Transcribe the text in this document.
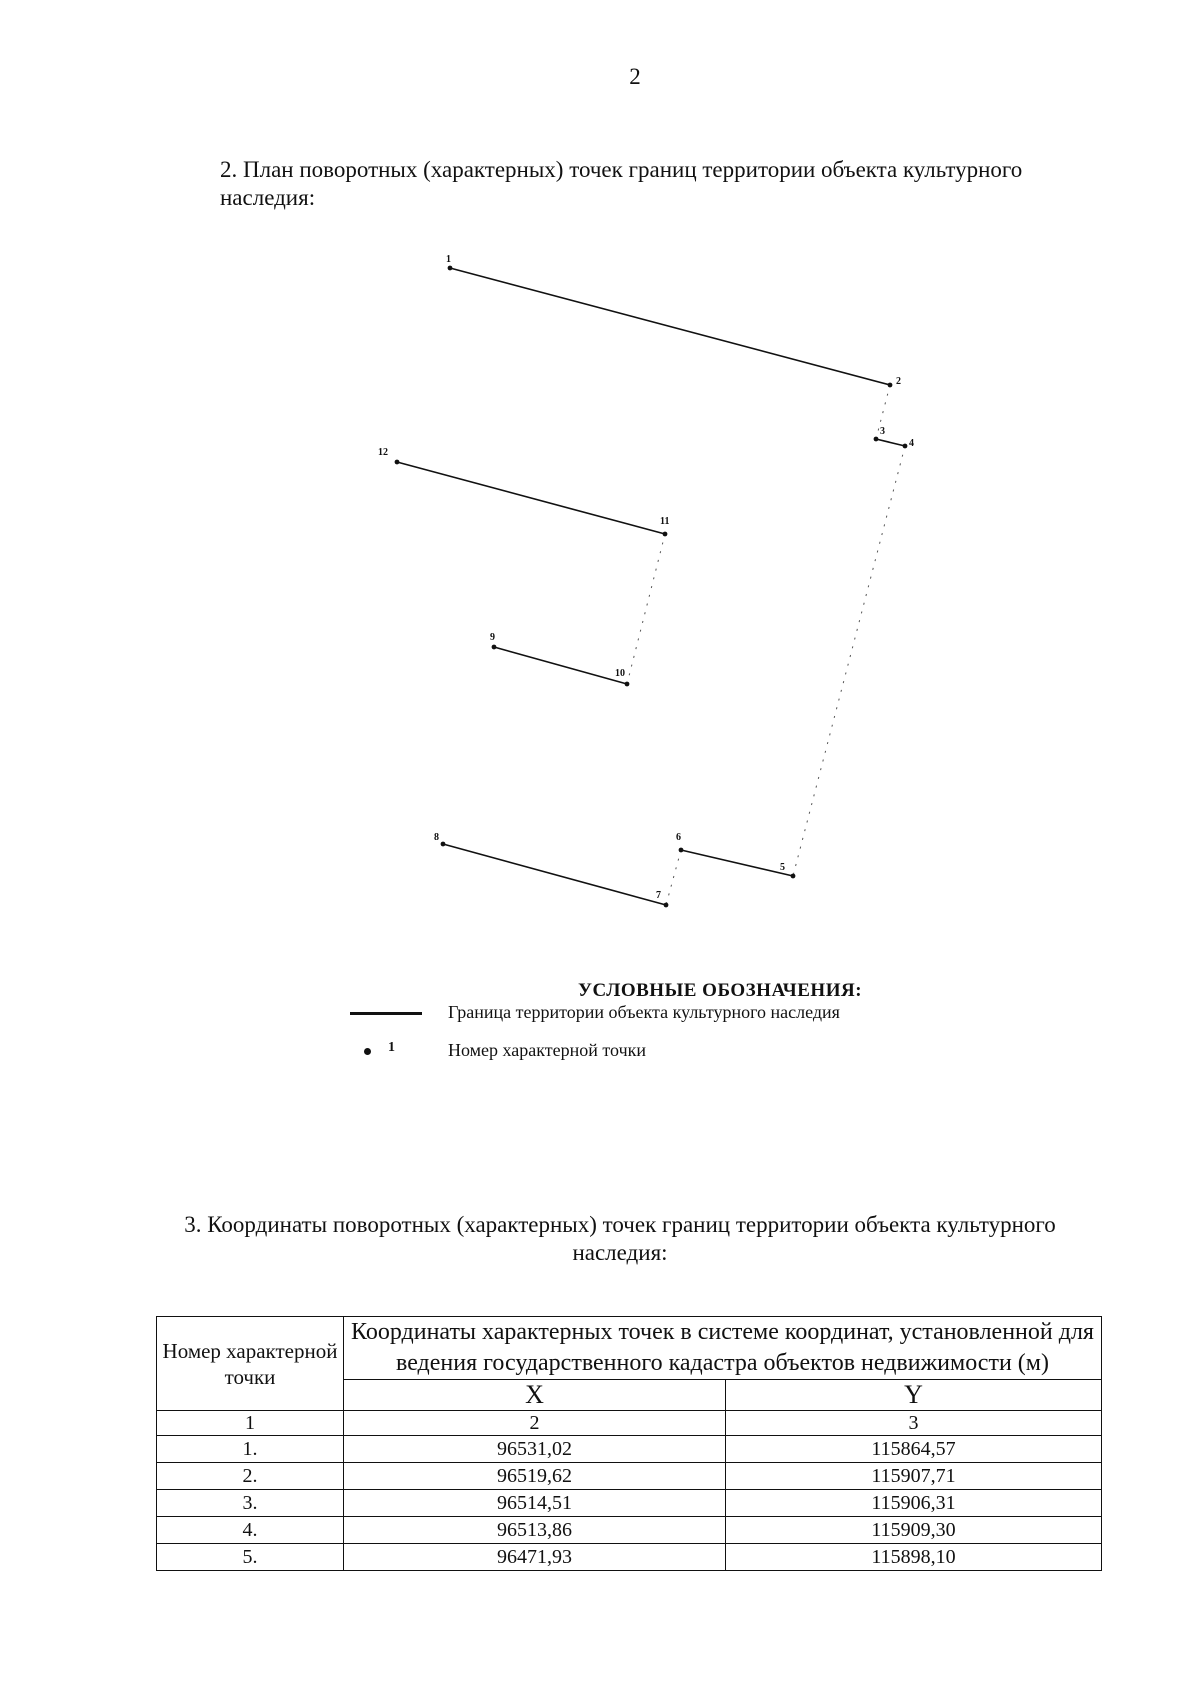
2
2. План поворотных (характерных) точек границ территории объекта культурного наследия:
1
2
3
4
5
6
7
8
9
10
11
12
УСЛОВНЫЕ ОБОЗНАЧЕНИЯ:
Граница территории объекта культурного наследия
1	Номер характерной точки
3. Координаты поворотных (характерных) точек границ территории объекта культурного наследия:
Номер характерной точки	Координаты характерных точек в системе координат, установленной для ведения государственного кадастра объектов недвижимости (м)	
	X	Y
1	2	3
1.	96531,02	115864,57
2.	96519,62	115907,71
3.	96514,51	115906,31
4.	96513,86	115909,30
5.	96471,93	115898,10
